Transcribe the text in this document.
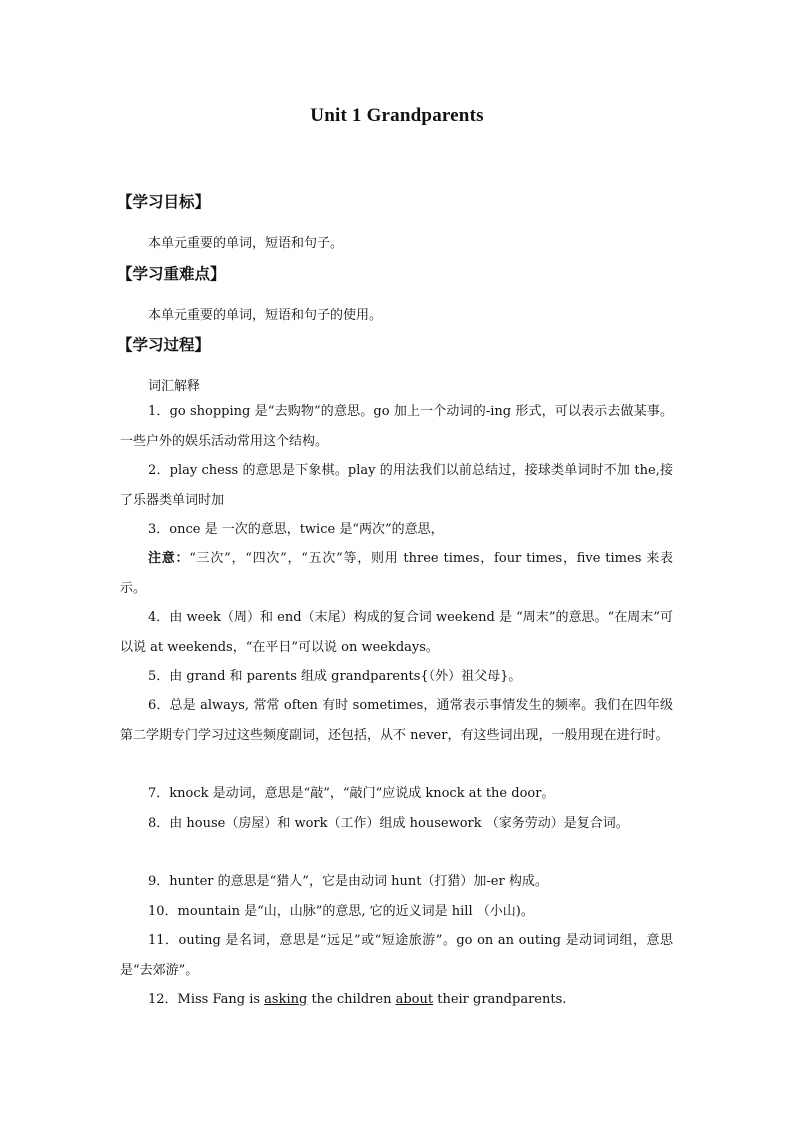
Unit 1 Grandparents
【学习目标】
本单元重要的单词，短语和句子。
【学习重难点】
本单元重要的单词，短语和句子的使用。
【学习过程】
词汇解释
1．go shopping 是“去购物”的意思。go 加上一个动词的-ing 形式，可以表示去做某事。一些户外的娱乐活动常用这个结构。
2．play chess 的意思是下象棋。play 的用法我们以前总结过，接球类单词时不加 the,接了乐器类单词时加
3．once 是 一次的意思，twice 是“两次”的意思，
注意：“三次”，“四次”，“五次”等，则用 three times，four times，five times 来表示。
4．由 week（周）和 end（末尾）构成的复合词 weekend 是 “周末”的意思。“在周末”可以说 at weekends，“在平日”可以说 on weekdays。
5．由 grand 和 parents 组成 grandparents{（外）祖父母}。
6．总是 always, 常常 often 有时 sometimes，通常表示事情发生的频率。我们在四年级第二学期专门学习过这些频度副词，还包括，从不 never，有这些词出现，一般用现在进行时。
7．knock 是动词，意思是“敲”，“敲门”应说成 knock at the door。
8．由 house（房屋）和 work（工作）组成 housework （家务劳动）是复合词。
9．hunter 的意思是“猎人”，它是由动词 hunt（打猎）加-er 构成。
10．mountain 是“山，山脉”的意思, 它的近义词是 hill （小山)。
11．outing 是名词，意思是“远足”或“短途旅游”。go on an outing 是动词词组，意思是“去郊游”。
12．Miss Fang is asking the children about their grandparents.
